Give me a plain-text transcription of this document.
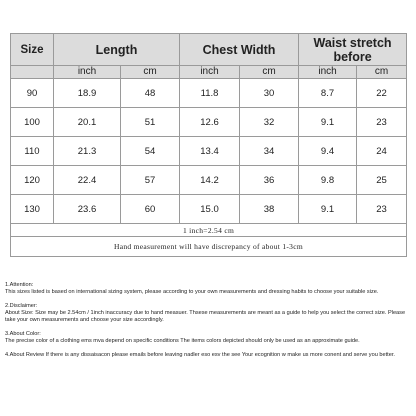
Size	Length		Chest Width		Waist stretch before	
	inch	cm	inch	cm	inch	cm
90	18.9	48	11.8	30	8.7	22
100	20.1	51	12.6	32	9.1	23
110	21.3	54	13.4	34	9.4	24
120	22.4	57	14.2	36	9.8	25
130	23.6	60	15.0	38	9.1	23
1 inch=2.54 cm						
Hand measurement will have discrepancy of about 1-3cm						

1.Attention:

This sizes listed is based on international sizing system, please according to your own measurements and dressing habits to choose your suitable size.

2.Disclaimer:

About Size: Size may be 2.54cm / 1inch inaccuracy due to hand measuer. Thsese measurements are meant as a guide to help you select the correct size. Please take your own measurements and choose your size accordingly.

3.About Color:

The precise color of a clothing ems mva depend on specific conditions The items colors depicted should only be used as an approximate guide.

4.About Review If there is any dissaisacon please emails before leaving nadler eso esv the see Your ecognition w make us more conent and serve you better.
